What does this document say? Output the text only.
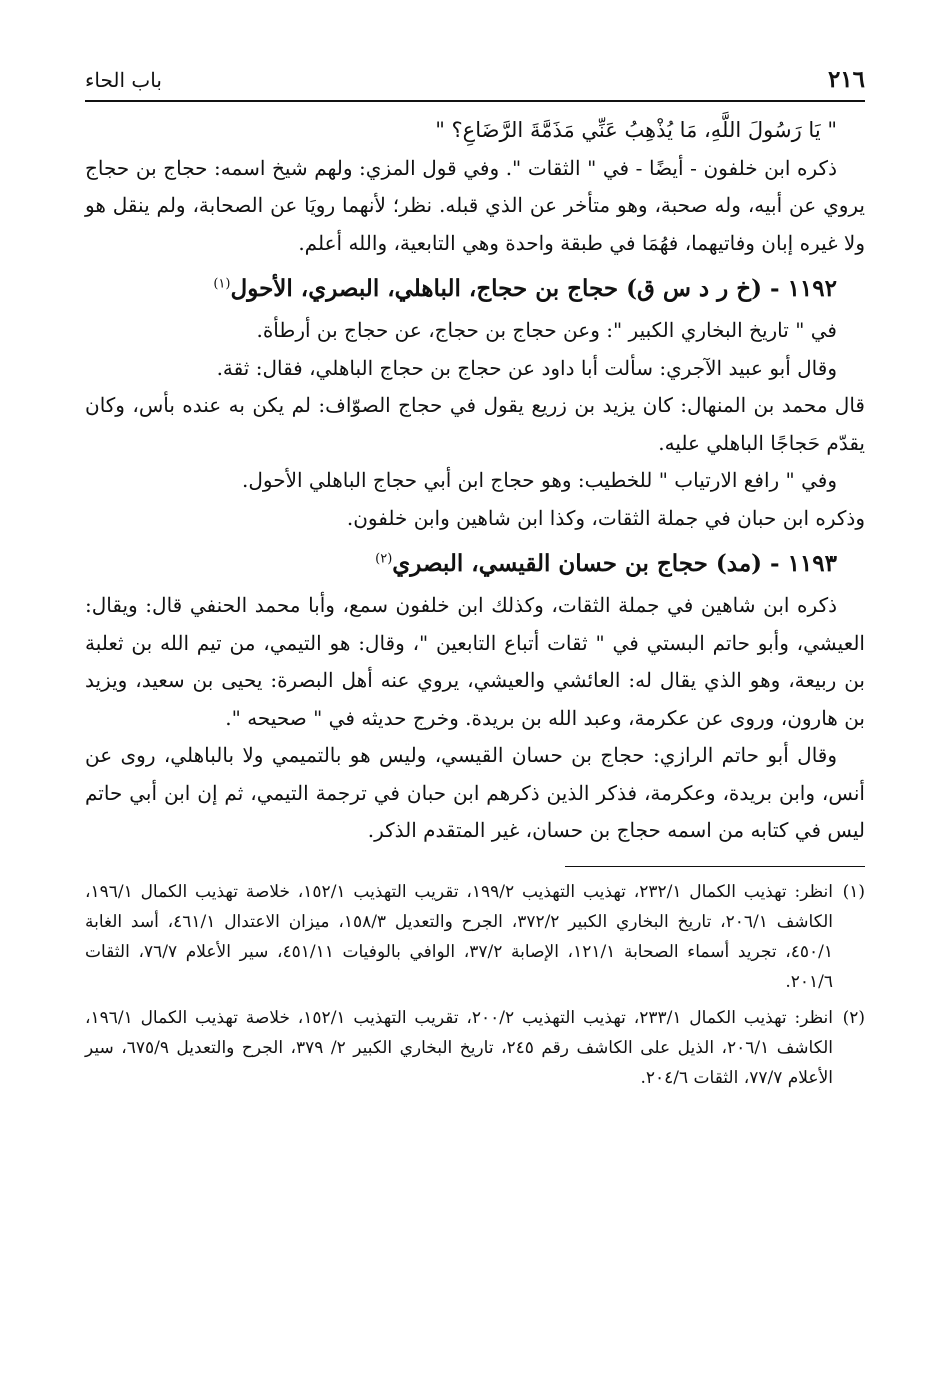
٢١٦
باب الحاء

" يَا رَسُولَ اللَّهِ، مَا يُذْهِبُ عَنِّي مَذَمَّةَ الرَّضَاعِ؟ "

ذكره ابن خلفون - أيضًا - في " الثقات ". وفي قول المزي: ولهم شيخ اسمه: حجاج بن حجاج يروي عن أبيه، وله صحبة، وهو متأخر عن الذي قبله. نظر؛ لأنهما رويَا عن الصحابة، ولم ينقل هو ولا غيره إبان وفاتيهما، فهُمَا في طبقة واحدة وهي التابعية، والله أعلم.

١١٩٢ - (خ ر د س ق) حجاج بن حجاج، الباهلي، البصري، الأحول$^{(١)}$

في " تاريخ البخاري الكبير ": وعن حجاج بن حجاج، عن حجاج بن أرطأة.

وقال أبو عبيد الآجري: سألت أبا داود عن حجاج بن حجاج الباهلي، فقال: ثقة.

قال محمد بن المنهال: كان يزيد بن زريع يقول في حجاج الصوّاف: لم يكن به عنده بأس، وكان يقدّم حَجاجًا الباهلي عليه.

وفي " رافع الارتياب " للخطيب: وهو حجاج ابن أبي حجاج الباهلي الأحول.

وذكره ابن حبان في جملة الثقات، وكذا ابن شاهين وابن خلفون.

١١٩٣ - (مد) حجاج بن حسان القيسي، البصري$^{(٢)}$

ذكره ابن شاهين في جملة الثقات، وكذلك ابن خلفون سمع، وأبا محمد الحنفي قال: ويقال: العيشي، وأبو حاتم البستي في " ثقات أتباع التابعين "، وقال: هو التيمي، من تيم الله بن ثعلبة بن ربيعة، وهو الذي يقال له: العائشي والعيشي، يروي عنه أهل البصرة: يحيى بن سعيد، ويزيد بن هارون، وروى عن عكرمة، وعبد الله بن بريدة. وخرج حديثه في " صحيحه ".

وقال أبو حاتم الرازي: حجاج بن حسان القيسي، وليس هو بالتميمي ولا بالباهلي، روى عن أنس، وابن بريدة، وعكرمة، فذكر الذين ذكرهم ابن حبان في ترجمة التيمي، ثم إن ابن أبي حاتم ليس في كتابه من اسمه حجاج بن حسان، غير المتقدم الذكر.

(١)
انظر: تهذيب الكمال ٢٣٢/١، تهذيب التهذيب ١٩٩/٢، تقريب التهذيب ١٥٢/١، خلاصة تهذيب الكمال ١٩٦/١، الكاشف ٢٠٦/١، تاريخ البخاري الكبير ٣٧٢/٢، الجرح والتعديل ١٥٨/٣، ميزان الاعتدال ٤٦١/١، أسد الغابة ٤٥٠/١، تجريد أسماء الصحابة ١٢١/١، الإصابة ٣٧/٢، الوافي بالوفيات ٤٥١/١١، سير الأعلام ٧٦/٧، الثقات ٢٠١/٦.

(٢)
انظر: تهذيب الكمال ٢٣٣/١، تهذيب التهذيب ٢٠٠/٢، تقريب التهذيب ١٥٢/١، خلاصة تهذيب الكمال ١٩٦/١، الكاشف ٢٠٦/١، الذيل على الكاشف رقم ٢٤٥، تاريخ البخاري الكبير ٢/ ٣٧٩، الجرح والتعديل ٦٧٥/٩، سير الأعلام ٧٧/٧، الثقات ٢٠٤/٦.
